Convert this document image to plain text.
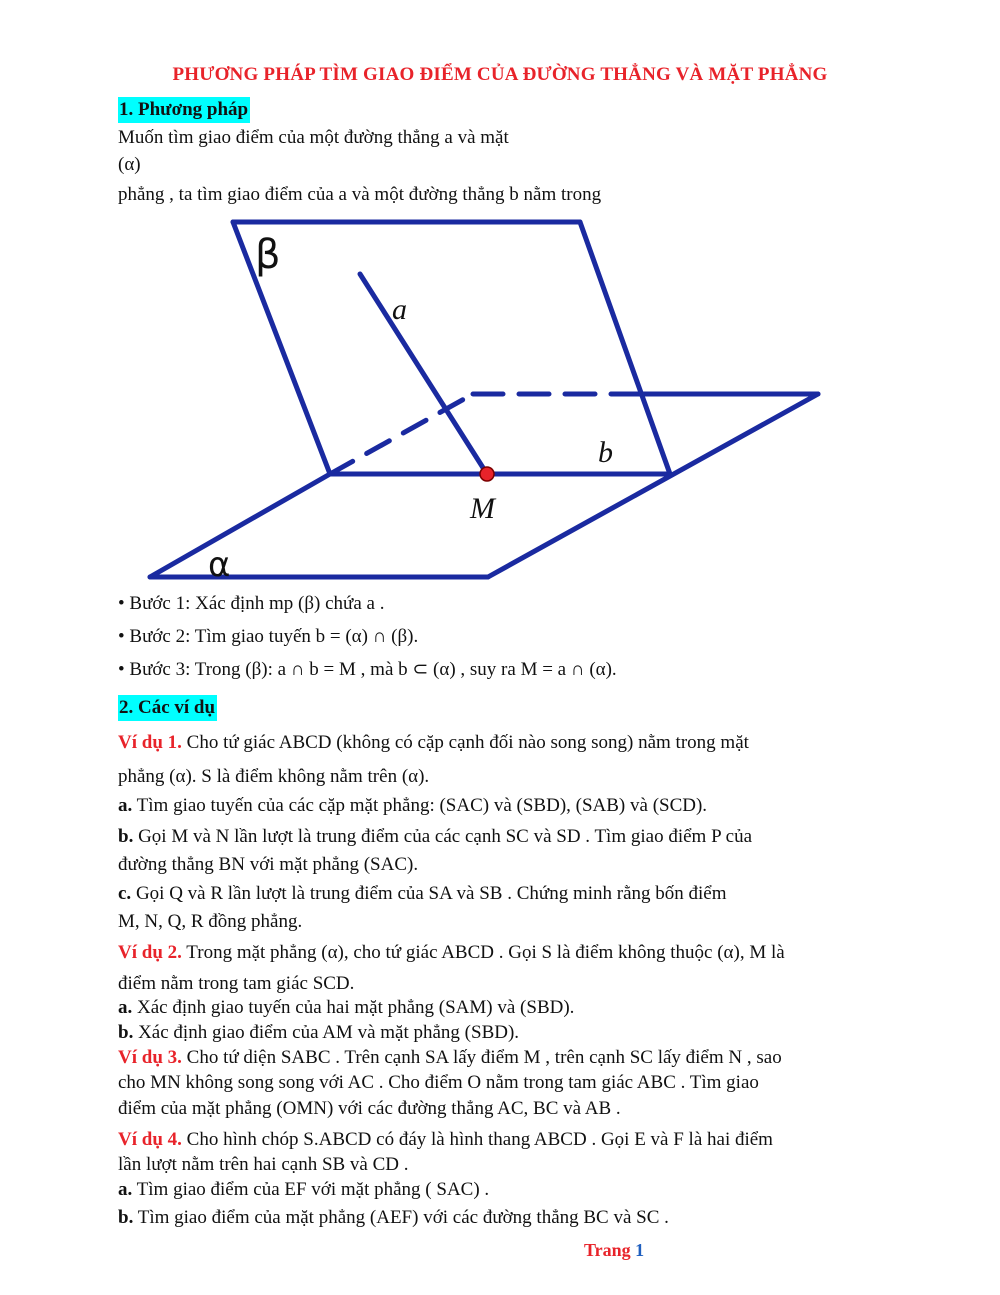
PHƯƠNG PHÁP TÌM GIAO ĐIỂM CỦA ĐƯỜNG THẲNG VÀ MẶT PHẲNG
1. Phương pháp
Muốn tìm giao điểm của một đường thẳng a và mặt
(α)
phẳng , ta tìm giao điểm của a và một đường thẳng b nằm trong
β
a
b
M
α
• Bước 1: Xác định mp (β) chứa a .
• Bước 2: Tìm giao tuyến b = (α) ∩ (β).
• Bước 3: Trong (β): a ∩ b = M , mà b ⊂ (α) , suy ra M = a ∩ (α).
2. Các ví dụ
Ví dụ 1. Cho tứ giác ABCD (không có cặp cạnh đối nào song song) nằm trong mặt
phẳng (α). S là điểm không nằm trên (α).
a. Tìm giao tuyến của các cặp mặt phẳng: (SAC) và (SBD), (SAB) và (SCD).
b. Gọi M và N lần lượt là trung điểm của các cạnh SC và SD . Tìm giao điểm P của
đường thẳng BN với mặt phẳng (SAC).
c. Gọi Q và R lần lượt là trung điểm của SA và SB . Chứng minh rằng bốn điểm
M, N, Q, R đồng phẳng.
Ví dụ 2. Trong mặt phẳng (α), cho tứ giác ABCD . Gọi S là điểm không thuộc (α), M là
điểm nằm trong tam giác SCD.
a. Xác định giao tuyến của hai mặt phẳng (SAM) và (SBD).
b. Xác định giao điểm của AM và mặt phẳng (SBD).
Ví dụ 3. Cho tứ diện SABC . Trên cạnh SA lấy điểm M , trên cạnh SC lấy điểm N , sao
cho MN không song song với AC . Cho điểm O nằm trong tam giác ABC . Tìm giao
điểm của mặt phẳng (OMN) với các đường thẳng AC, BC và AB .
Ví dụ 4. Cho hình chóp S.ABCD có đáy là hình thang ABCD . Gọi E và F là hai điểm
lần lượt nằm trên hai cạnh SB và CD .
a. Tìm giao điểm của EF với mặt phẳng ( SAC) .
b. Tìm giao điểm của mặt phẳng (AEF) với các đường thẳng BC và SC .
Trang 1
